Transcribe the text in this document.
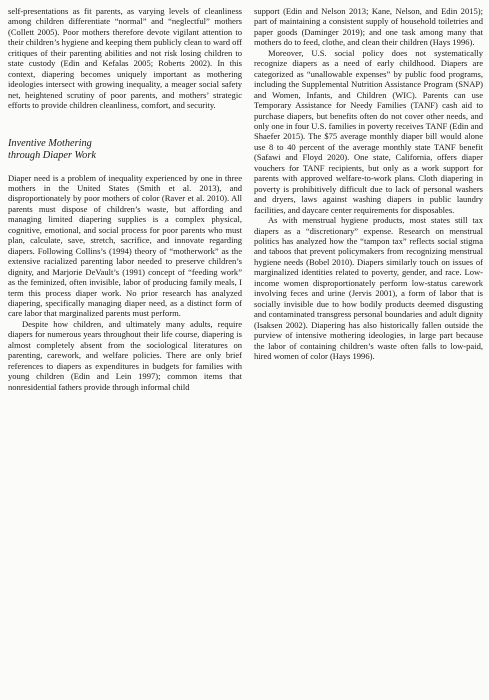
self-presentations as fit parents, as varying levels of cleanliness among children differentiate “normal” and “neglectful” mothers (Collett 2005). Poor mothers therefore devote vigilant attention to their children’s hygiene and keeping them publicly clean to ward off critiques of their parenting abilities and not risk losing children to state custody (Edin and Kefalas 2005; Roberts 2002). In this context, diapering becomes uniquely important as mothering ideologies intersect with growing inequality, a meager social safety net, heightened scrutiny of poor parents, and mothers’ strategic efforts to provide children cleanliness, comfort, and security.

Inventive Mothering
through Diaper Work

Diaper need is a problem of inequality experienced by one in three mothers in the United States (Smith et al. 2013), and disproportionately by poor mothers of color (Raver et al. 2010). All parents must dispose of children’s waste, but affording and managing limited diapering supplies is a complex physical, cognitive, emotional, and social process for poor parents who must plan, calculate, save, stretch, sacrifice, and innovate regarding diapers. Following Collins’s (1994) theory of “motherwork” as the extensive racialized parenting labor needed to preserve children’s dignity, and Marjorie DeVault’s (1991) concept of “feeding work” as the feminized, often invisible, labor of producing family meals, I term this process diaper work. No prior research has analyzed diapering, specifically managing diaper need, as a distinct form of care labor that marginalized parents must perform.

Despite how children, and ultimately many adults, require diapers for numerous years throughout their life course, diapering is almost completely absent from the sociological literatures on parenting, carework, and welfare policies. There are only brief references to diapers as expenditures in budgets for families with young children (Edin and Lein 1997); common items that nonresidential fathers provide through informal child

support (Edin and Nelson 2013; Kane, Nelson, and Edin 2015); part of maintaining a consistent supply of household toiletries and paper goods (Daminger 2019); and one task among many that mothers do to feed, clothe, and clean their children (Hays 1996).

Moreover, U.S. social policy does not systematically recognize diapers as a need of early childhood. Diapers are categorized as “unallowable expenses” by public food programs, including the Supplemental Nutrition Assistance Program (SNAP) and Women, Infants, and Children (WIC). Parents can use Temporary Assistance for Needy Families (TANF) cash aid to purchase diapers, but benefits often do not cover other needs, and only one in four U.S. families in poverty receives TANF (Edin and Shaefer 2015). The $75 average monthly diaper bill would alone use 8 to 40 percent of the average monthly state TANF benefit (Safawi and Floyd 2020). One state, California, offers diaper vouchers for TANF recipients, but only as a work support for parents with approved welfare-to-work plans. Cloth diapering in poverty is prohibitively difficult due to lack of personal washers and dryers, laws against washing diapers in public laundry facilities, and daycare center requirements for disposables.

As with menstrual hygiene products, most states still tax diapers as a “discretionary” expense. Research on menstrual politics has analyzed how the “tampon tax” reflects social stigma and taboos that prevent policymakers from recognizing menstrual hygiene needs (Bobel 2010). Diapers similarly touch on issues of marginalized identities related to poverty, gender, and race. Low-income women disproportionately perform low-status carework involving feces and urine (Jervis 2001), a form of labor that is socially invisible due to how bodily products deemed disgusting and contaminated transgress personal boundaries and adult dignity (Isaksen 2002). Diapering has also historically fallen outside the purview of intensive mothering ideologies, in large part because the labor of containing children’s waste often falls to low-paid, hired women of color (Hays 1996).
